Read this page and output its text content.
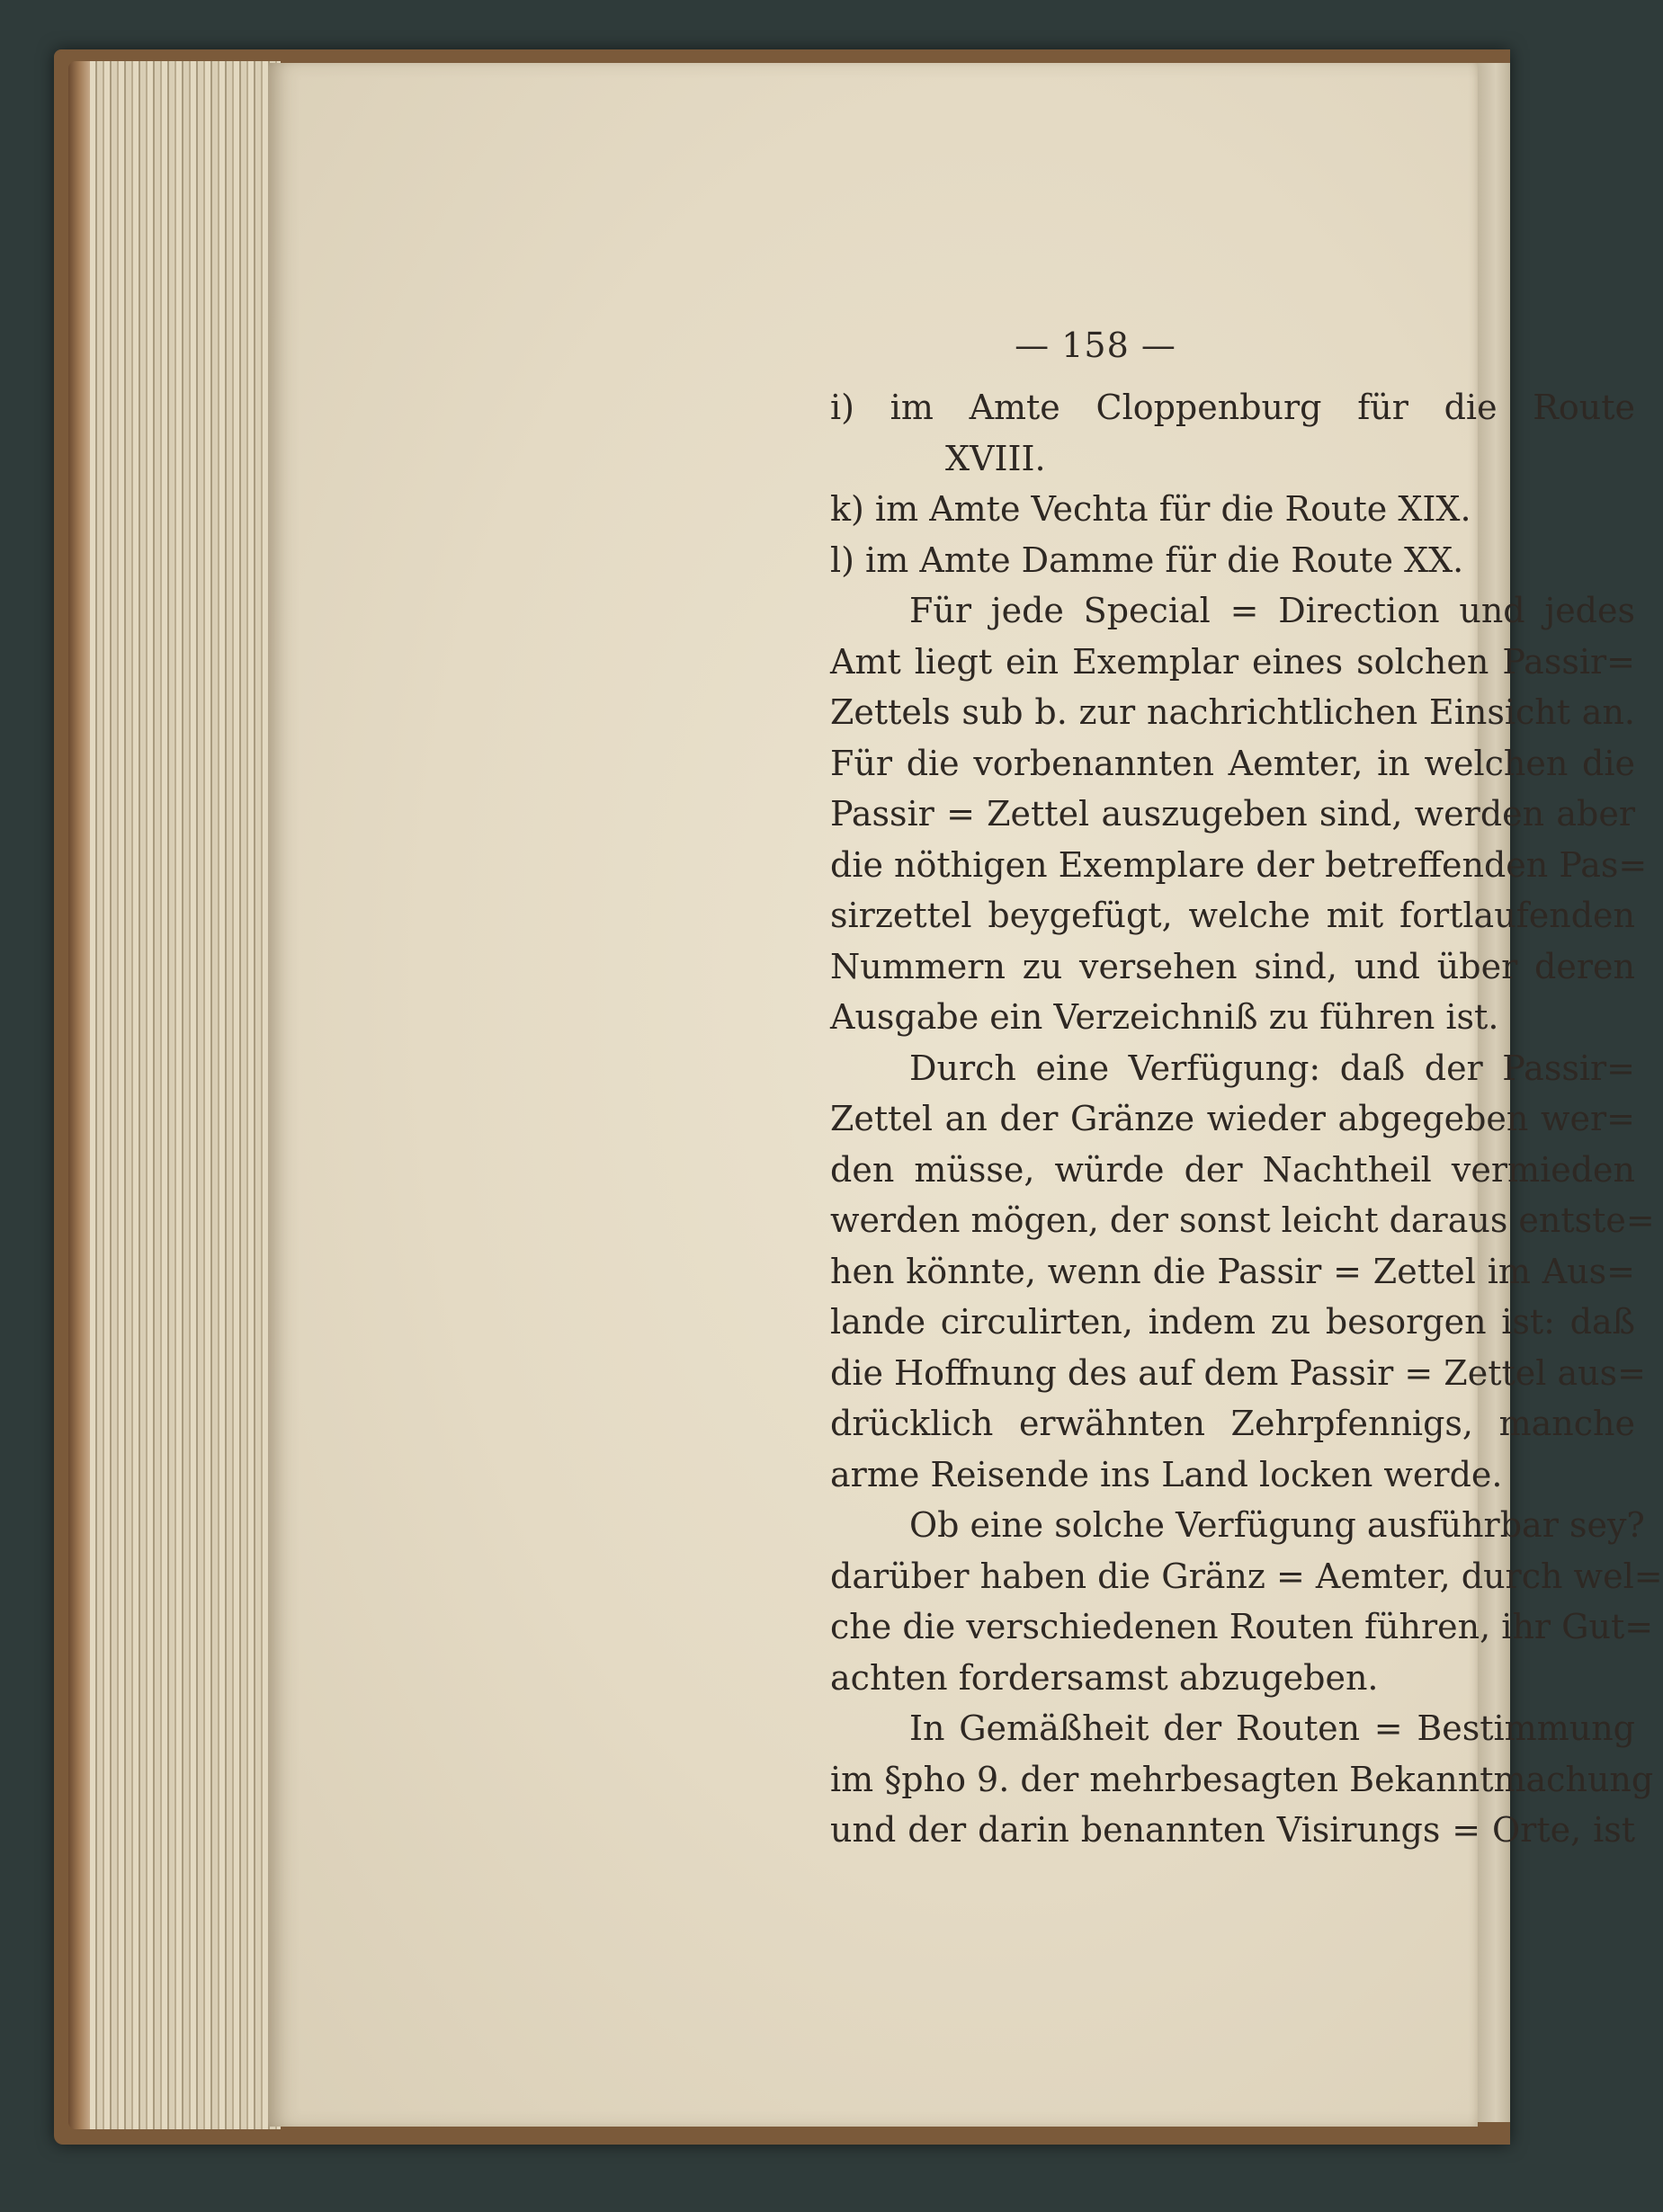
— 158 —
i) im Amte Cloppenburg für die Route
XVIII.
k) im Amte Vechta für die Route XIX.
l) im Amte Damme für die Route XX.
Für jede Special = Direction und jedes
Amt liegt ein Exemplar eines solchen Passir=
Zettels sub b. zur nachrichtlichen Einsicht an.
Für die vorbenannten Aemter, in welchen die
Passir = Zettel auszugeben sind, werden aber
die nöthigen Exemplare der betreffenden Pas=
sirzettel beygefügt, welche mit fortlaufenden
Nummern zu versehen sind, und über deren
Ausgabe ein Verzeichniß zu führen ist.
Durch eine Verfügung: daß der Passir=
Zettel an der Gränze wieder abgegeben wer=
den müsse, würde der Nachtheil vermieden
werden mögen, der sonst leicht daraus entste=
hen könnte, wenn die Passir = Zettel im Aus=
lande circulirten, indem zu besorgen ist: daß
die Hoffnung des auf dem Passir = Zettel aus=
drücklich erwähnten Zehrpfennigs, manche
arme Reisende ins Land locken werde.
Ob eine solche Verfügung ausführbar sey?
darüber haben die Gränz = Aemter, durch wel=
che die verschiedenen Routen führen, ihr Gut=
achten fordersamst abzugeben.
In Gemäßheit der Routen = Bestimmung
im §pho 9. der mehrbesagten Bekanntmachung
und der darin benannten Visirungs = Orte, ist
